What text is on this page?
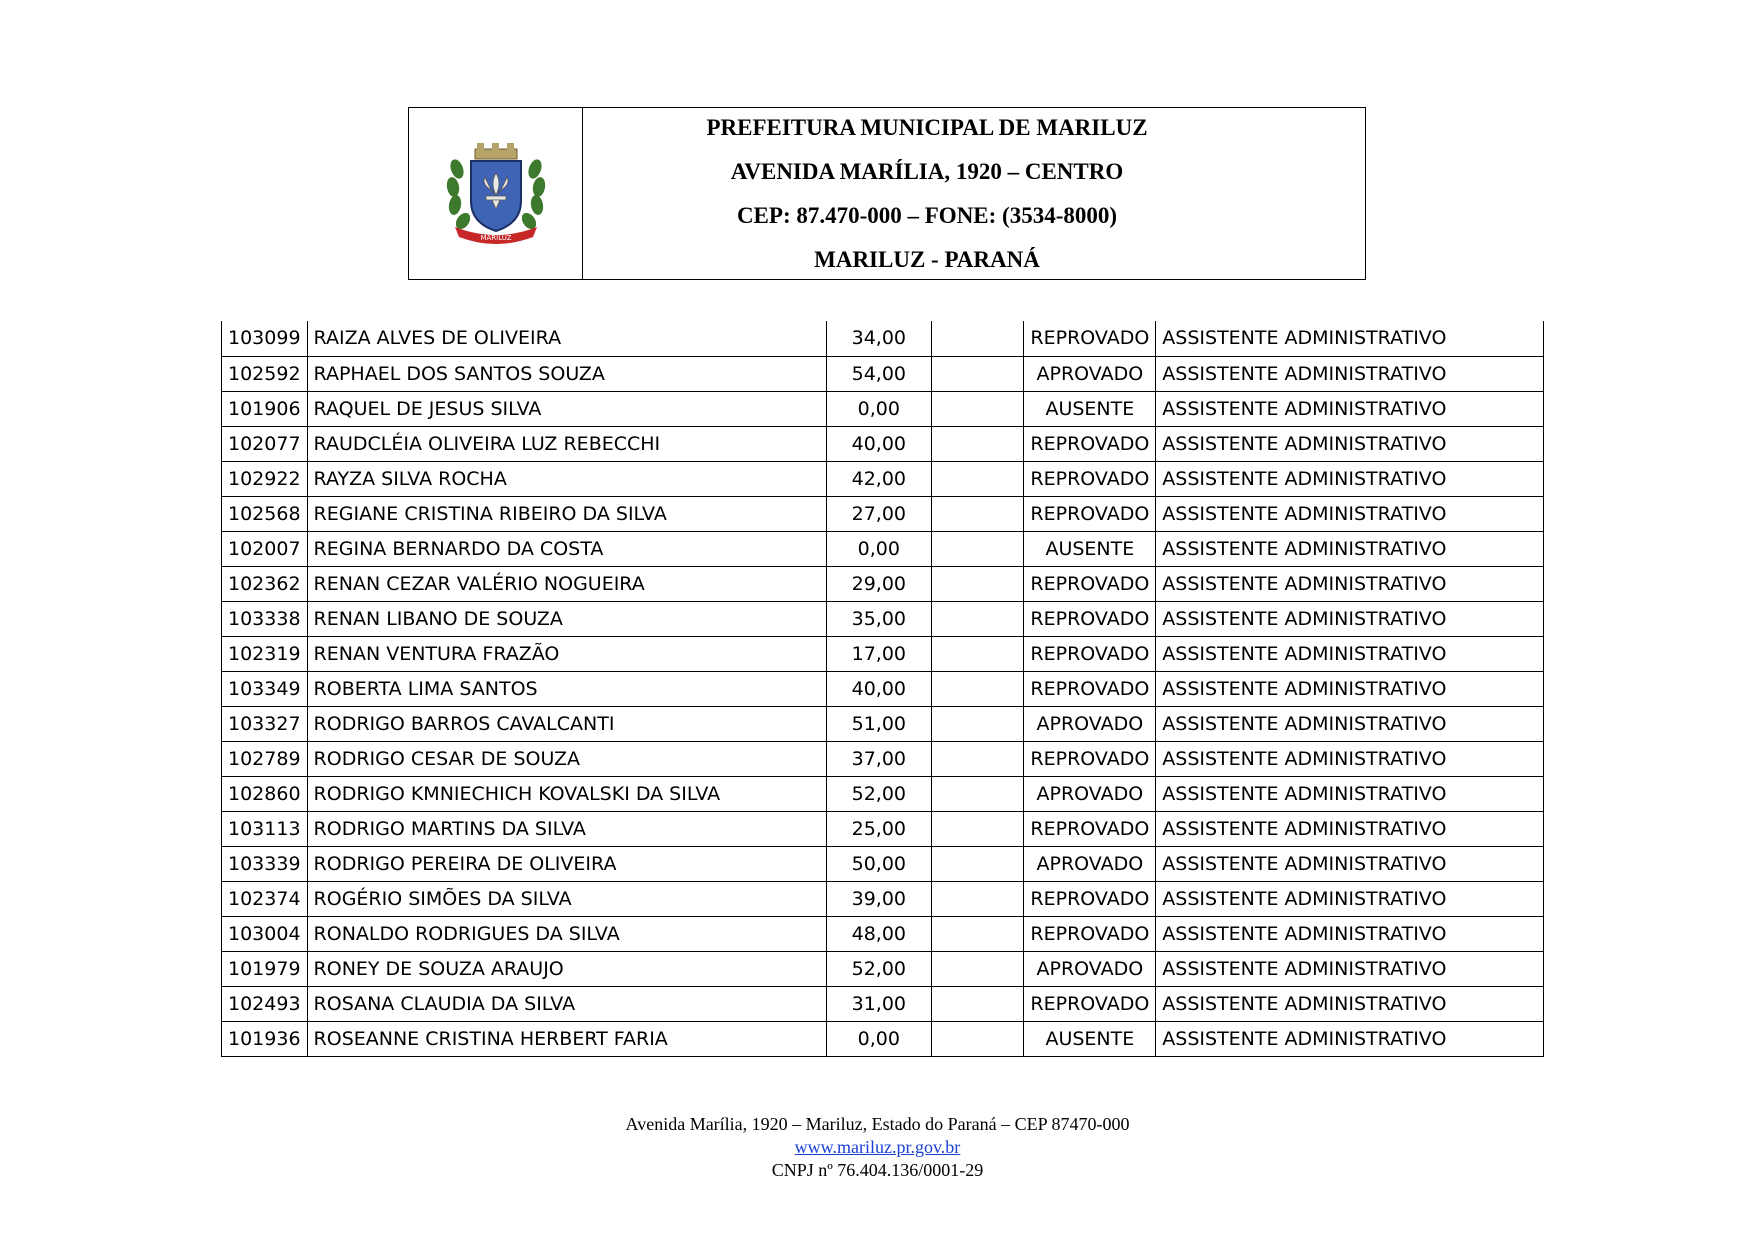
MARILUZ
PREFEITURA MUNICIPAL DE MARILUZ
AVENIDA MARÍLIA, 1920 – CENTRO
CEP: 87.470-000 – FONE: (3534-8000)
MARILUZ - PARANÁ
103099	RAIZA ALVES DE OLIVEIRA	34,00		REPROVADO	ASSISTENTE ADMINISTRATIVO
102592	RAPHAEL DOS SANTOS SOUZA	54,00		APROVADO	ASSISTENTE ADMINISTRATIVO
101906	RAQUEL DE JESUS SILVA	0,00		AUSENTE	ASSISTENTE ADMINISTRATIVO
102077	RAUDCLÉIA OLIVEIRA LUZ REBECCHI	40,00		REPROVADO	ASSISTENTE ADMINISTRATIVO
102922	RAYZA SILVA ROCHA	42,00		REPROVADO	ASSISTENTE ADMINISTRATIVO
102568	REGIANE CRISTINA RIBEIRO DA SILVA	27,00		REPROVADO	ASSISTENTE ADMINISTRATIVO
102007	REGINA BERNARDO DA COSTA	0,00		AUSENTE	ASSISTENTE ADMINISTRATIVO
102362	RENAN CEZAR VALÉRIO NOGUEIRA	29,00		REPROVADO	ASSISTENTE ADMINISTRATIVO
103338	RENAN LIBANO DE SOUZA	35,00		REPROVADO	ASSISTENTE ADMINISTRATIVO
102319	RENAN VENTURA FRAZÃO	17,00		REPROVADO	ASSISTENTE ADMINISTRATIVO
103349	ROBERTA LIMA SANTOS	40,00		REPROVADO	ASSISTENTE ADMINISTRATIVO
103327	RODRIGO BARROS CAVALCANTI	51,00		APROVADO	ASSISTENTE ADMINISTRATIVO
102789	RODRIGO CESAR DE SOUZA	37,00		REPROVADO	ASSISTENTE ADMINISTRATIVO
102860	RODRIGO KMNIECHICH KOVALSKI DA SILVA	52,00		APROVADO	ASSISTENTE ADMINISTRATIVO
103113	RODRIGO MARTINS DA SILVA	25,00		REPROVADO	ASSISTENTE ADMINISTRATIVO
103339	RODRIGO PEREIRA DE OLIVEIRA	50,00		APROVADO	ASSISTENTE ADMINISTRATIVO
102374	ROGÉRIO SIMÕES DA SILVA	39,00		REPROVADO	ASSISTENTE ADMINISTRATIVO
103004	RONALDO RODRIGUES DA SILVA	48,00		REPROVADO	ASSISTENTE ADMINISTRATIVO
101979	RONEY DE SOUZA ARAUJO	52,00		APROVADO	ASSISTENTE ADMINISTRATIVO
102493	ROSANA CLAUDIA DA SILVA	31,00		REPROVADO	ASSISTENTE ADMINISTRATIVO
101936	ROSEANNE CRISTINA HERBERT FARIA	0,00		AUSENTE	ASSISTENTE ADMINISTRATIVO
Avenida Marília, 1920 – Mariluz, Estado do Paraná – CEP 87470-000
www.mariluz.pr.gov.br
CNPJ nº 76.404.136/0001-29
